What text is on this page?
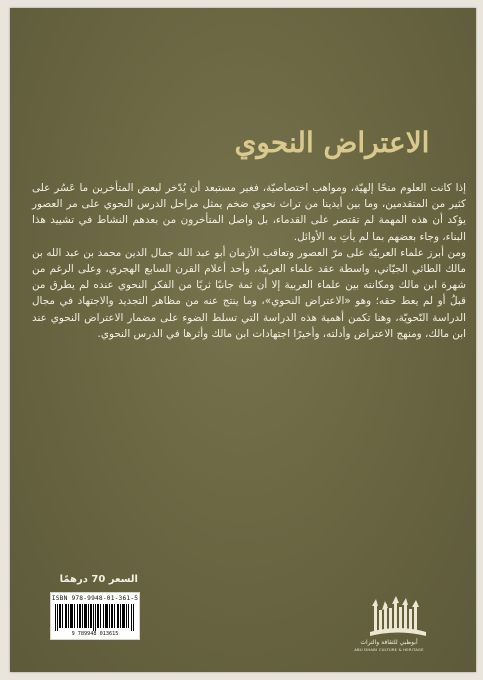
الاعتراض النحوي

إذا كانت العلوم منحًا إلهيّة، ومواهب اختصاصيّة، فغير مستبعد أن يُدّخر لبعض المتأخرين ما عَسُر على كثير من المتقدمين، وما بين أيدينا من تراث نحوي ضخم يمثل مراحل الدرس النحوي على مر العصور يؤكد أن هذه المهمة لم تقتصر على القدماء، بل واصل المتأخرون من بعدهم النشاط في تشييد هذا البناء، وجاء بعضهم بما لم يأتِ به الأوائل.

ومن أبرز علماء العربيّة على مرّ العصور وتعاقب الأزمان أبو عبد الله جمال الدين محمد بن عبد الله بن مالك الطائي الجيّاني، واسطة عقد علماء العربيّة، وأحد أعلام القرن السابع الهجري، وعلى الرغم من شهرة ابن مالك ومكانته بين علماء العربية إلا أن ثمة جانبًا ثريًا من الفكر النحوي عنده لم يطرق من قبلُ أو لم يعط حقه؛ وهو «الاعتراض النحوي»، وما ينتج عنه من مظاهر التجديد والاجتهاد في مجال الدراسة النّحويّة، وهنا تكمن أهمية هذه الدراسة التي تسلط الضوء على مضمار الاعتراض النحوي عند ابن مالك، ومنهج الاعتراض وأدلته، وأخيرًا اجتهادات ابن مالك وأثرها في الدرس النحوي.

السعر 70 درهمًا
ISBN 978-9948-01-361-5
9 789948 013615
أبوظبي للثقافة والتراث
ABU DHABI CULTURE & HERITAGE
